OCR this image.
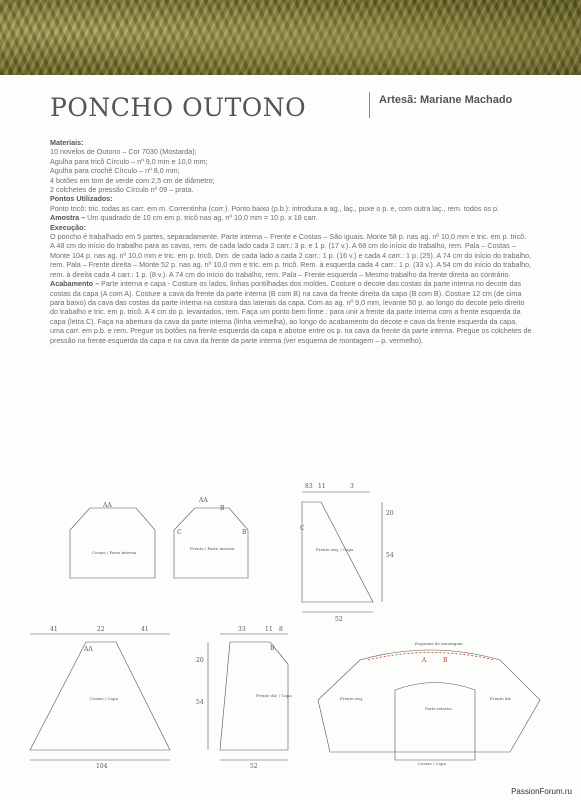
PONCHO OUTONO	Artesã: Mariane Machado

Materiais:
10 novelos de Outono – Cor 7030 (Mostarda);
Agulha para tricô Círculo – nº 9,0 mm e 10,0 mm;
Agulha para crochê Círculo – nº 8,0 mm;
4 botões em tom de verde com 2,5 cm de diâmetro;
2 colchetes de pressão Círculo nº 09 – prata.

Pontos Utilizados:
Ponto tricô: tric. todas as carr. em m. Correntinha (corr.). Ponto baixo (p.b.): introduza a ag., laç., puxe o p. e, com outra laç., rem. todos os p.

Amostra – Um quadrado de 10 cm em p. tricô nas ag. nº 10,0 mm = 10 p. x 18 carr.

Execução:
O poncho é trabalhado em 5 partes, separadamente. Parte interna – Frente e Costas – São iguais. Monte 58 p. nas ag. nº 10,0 mm e tric. em p. tricô. A 48 cm do início do trabalho para as cavas, rem. de cada lado cada 2 carr.: 3 p. e 1 p. (17 v.). A 68 cm do início do trabalho, rem. Pala – Costas – Monte 104 p. nas ag. nº 10,0 mm e tric. em p. tricô. Dim. de cada lado a cada 2 carr.: 1 p. (16 v.) e cada 4 carr.: 1 p. (25). A 74 cm do início do trabalho, rem. Pala – Frente direita – Monte 52 p. nas ag. nº 10,0 mm e tric. em p. tricô. Rem. à esquerda cada 4 carr.: 1 p. (33 v.). A 54 cm do início do trabalho, rem. à direita cada 4 carr.: 1 p. (8 v.). A 74 cm do início do trabalho, rem. Pala – Frente esquerda – Mesmo trabalho da frente direita ao contrário.

Acabamento – Parte interna e capa - Costure os lados, linhas pontilhadas dos moldes. Costure o decote das costas da parte interna no decote das costas da capa (A com A). Costure a cava da frente da parte interna (B com B) na cava da frente direita da capa (B com B). Costure 12 cm (de cima para baixo) da cava das costas da parte interna na costura das laterais da capa. Com as ag. nº 9,0 mm, levante 50 p. ao longo do decote pelo direito do trabalho e tric. em p. tricô. A 4 cm do p. levantados, rem. Faça um ponto bem firme : para unir a frente da parte interna com a frente esquerda da capa (letra C). Faça na abertura da cava da parte interna (linha vermelha), ao longo do acabamento do decote e cava da frente esquerda da capa, uma carr. em p.b. e rem. Pregue os botões na frente esquerda da capa e abotoe entre os p. na cava da frente da parte interna. Pregue os colchetes de pressão na frente esquerda da capa e na cava da frente da parte interna (ver esquema de montagem – p. vermelho).

AA
Costas / Parte interna
AA
B
C	B
Frente / Parte interna
83 11	3
C
20
54
52
Frente esq. / Capa
41	22	41
AA
104
Costas / Capa
33	11 8
B
20
54
52
Frente dir. / Capa
Esquema de montagem
A	B
Parte interna
Frente esq.	Frente dir.
Costas / Capa
PassionForum.ru
